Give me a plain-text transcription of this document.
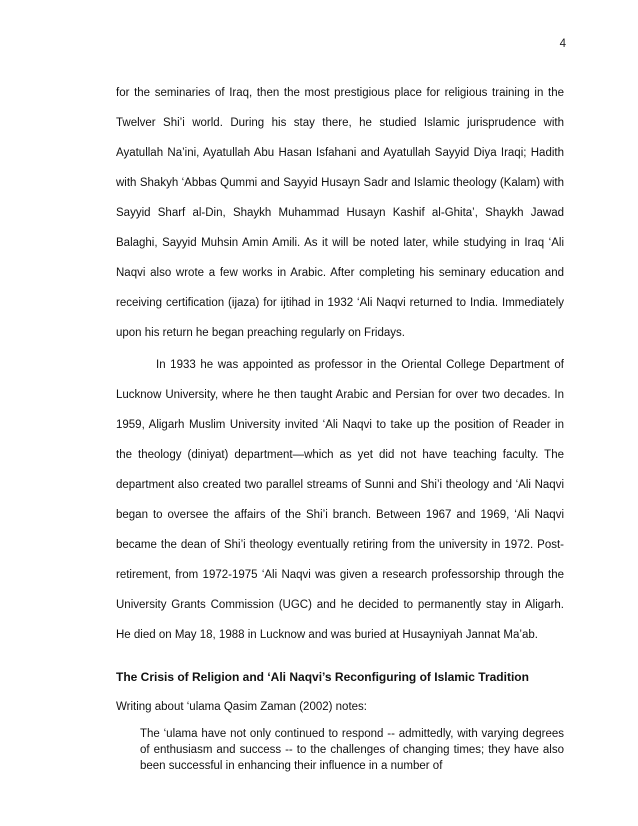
4

for the seminaries of Iraq, then the most prestigious place for religious training in the Twelver Shi’i world. During his stay there, he studied Islamic jurisprudence with Ayatullah Na’ini, Ayatullah Abu Hasan Isfahani and Ayatullah Sayyid Diya Iraqi; Hadith with Shakyh ‘Abbas Qummi and Sayyid Husayn Sadr and Islamic theology (Kalam) with Sayyid Sharf al-Din, Shaykh Muhammad Husayn Kashif al-Ghita’, Shaykh Jawad Balaghi, Sayyid Muhsin Amin Amili. As it will be noted later, while studying in Iraq ‘Ali Naqvi also wrote a few works in Arabic. After completing his seminary education and receiving certification (ijaza) for ijtihad in 1932 ‘Ali Naqvi returned to India. Immediately upon his return he began preaching regularly on Fridays.

In 1933 he was appointed as professor in the Oriental College Department of Lucknow University, where he then taught Arabic and Persian for over two decades. In 1959, Aligarh Muslim University invited ‘Ali Naqvi to take up the position of Reader in the theology (diniyat) department—which as yet did not have teaching faculty. The department also created two parallel streams of Sunni and Shi’i theology and ‘Ali Naqvi began to oversee the affairs of the Shi’i branch. Between 1967 and 1969, ‘Ali Naqvi became the dean of Shi’i theology eventually retiring from the university in 1972. Post-retirement, from 1972-1975 ‘Ali Naqvi was given a research professorship through the University Grants Commission (UGC) and he decided to permanently stay in Aligarh. He died on May 18, 1988 in Lucknow and was buried at Husayniyah Jannat Ma’ab.

The Crisis of Religion and ‘Ali Naqvi’s Reconfiguring of Islamic Tradition

Writing about ‘ulama Qasim Zaman (2002) notes:

The ‘ulama have not only continued to respond -- admittedly, with varying degrees of enthusiasm and success -- to the challenges of changing times; they have also been successful in enhancing their influence in a number of
